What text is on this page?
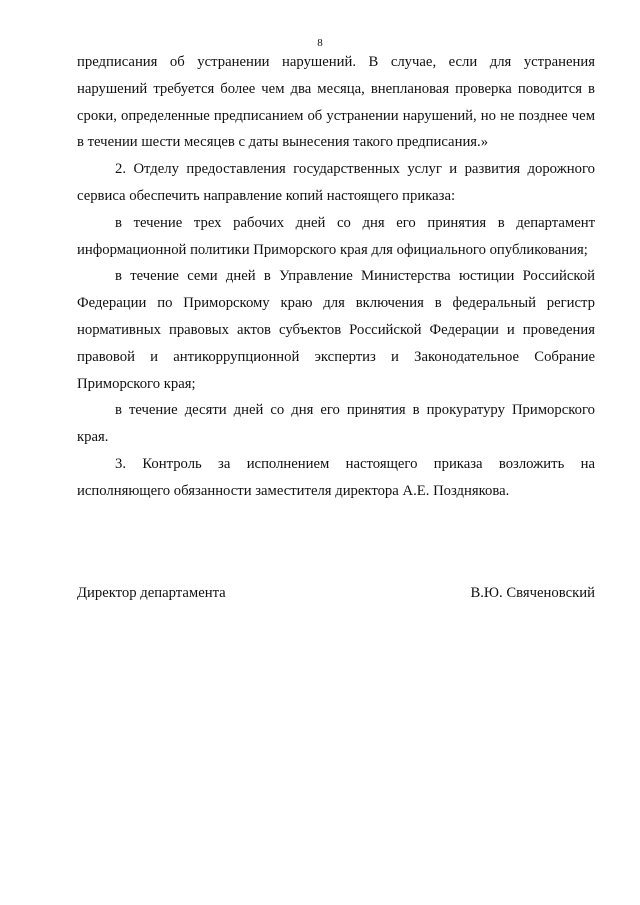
8

предписания об устранении нарушений. В случае, если для устранения нарушений требуется более чем два месяца, внеплановая проверка поводится в сроки, определенные предписанием об устранении нарушений, но не позднее чем в течении шести месяцев с даты вынесения такого предписания.»

2. Отделу предоставления государственных услуг и развития дорожного сервиса обеспечить направление копий настоящего приказа:

в течение трех рабочих дней со дня его принятия в департамент информационной политики Приморского края для официального опубликования;

в течение семи дней в Управление Министерства юстиции Российской Федерации по Приморскому краю для включения в федеральный регистр нормативных правовых актов субъектов Российской Федерации и проведения правовой и антикоррупционной экспертиз и Законодательное Собрание Приморского края;

в течение десяти дней со дня его принятия в прокуратуру Приморского края.

3. Контроль за исполнением настоящего приказа возложить на исполняющего обязанности заместителя директора А.Е. Позднякова.

Директор департамента	В.Ю. Свяченовский
